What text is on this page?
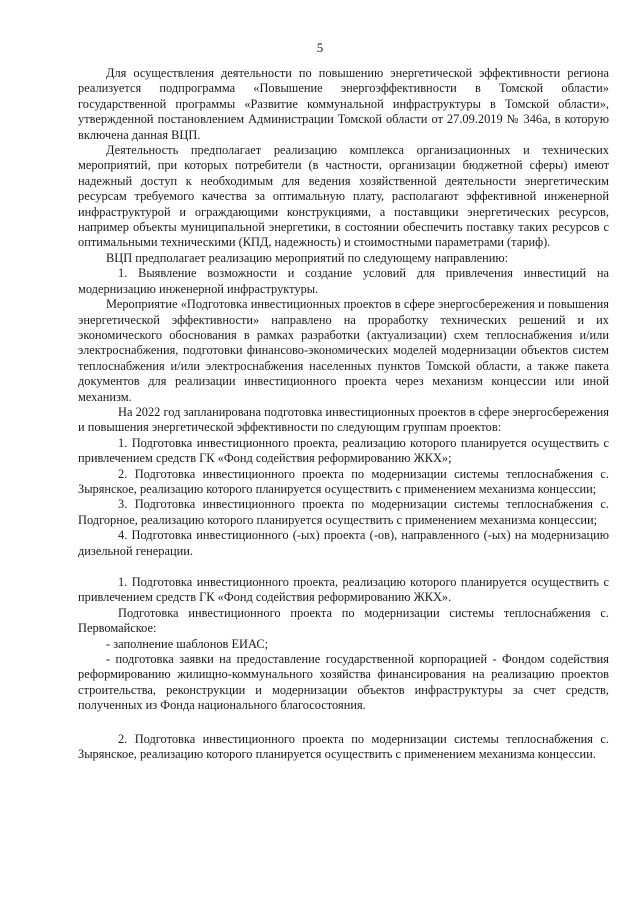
5

Для осуществления деятельности по повышению энергетической эффективности региона реализуется подпрограмма «Повышение энергоэффективности в Томской области» государственной программы «Развитие коммунальной инфраструктуры в Томской области», утвержденной постановлением Администрации Томской области от 27.09.2019 № 346а, в которую включена данная ВЦП.

Деятельность предполагает реализацию комплекса организационных и технических мероприятий, при которых потребители (в частности, организации бюджетной сферы) имеют надежный доступ к необходимым для ведения хозяйственной деятельности энергетическим ресурсам требуемого качества за оптимальную плату, располагают эффективной инженерной инфраструктурой и ограждающими конструкциями, а поставщики энергетических ресурсов, например объекты муниципальной энергетики, в состоянии обеспечить поставку таких ресурсов с оптимальными техническими (КПД, надежность) и стоимостными параметрами (тариф).

ВЦП предполагает реализацию мероприятий по следующему направлению:

1. Выявление возможности и создание условий для привлечения инвестиций на модернизацию инженерной инфраструктуры.

Мероприятие «Подготовка инвестиционных проектов в сфере энергосбережения и повышения энергетической эффективности» направлено на проработку технических решений и их экономического обоснования в рамках разработки (актуализации) схем теплоснабжения и/или электроснабжения, подготовки финансово-экономических моделей модернизации объектов систем теплоснабжения и/или электроснабжения населенных пунктов Томской области, а также пакета документов для реализации инвестиционного проекта через механизм концессии или иной механизм.

На 2022 год запланирована подготовка инвестиционных проектов в сфере энергосбережения и повышения энергетической эффективности по следующим группам проектов:

1. Подготовка инвестиционного проекта, реализацию которого планируется осуществить с привлечением средств ГК «Фонд содействия реформированию ЖКХ»;

2. Подготовка инвестиционного проекта по модернизации системы теплоснабжения с. Зырянское, реализацию которого планируется осуществить с применением механизма концессии;

3. Подготовка инвестиционного проекта по модернизации системы теплоснабжения с. Подгорное, реализацию которого планируется осуществить с применением механизма концессии;

4. Подготовка инвестиционного (-ых) проекта (-ов), направленного (-ых) на модернизацию дизельной генерации.

1. Подготовка инвестиционного проекта, реализацию которого планируется осуществить с привлечением средств ГК «Фонд содействия реформированию ЖКХ».

Подготовка инвестиционного проекта по модернизации системы теплоснабжения с. Первомайское:

- заполнение шаблонов ЕИАС;

- подготовка заявки на предоставление государственной корпорацией - Фондом содействия реформированию жилищно-коммунального хозяйства финансирования на реализацию проектов строительства, реконструкции и модернизации объектов инфраструктуры за счет средств, полученных из Фонда национального благосостояния.

2. Подготовка инвестиционного проекта по модернизации системы теплоснабжения с. Зырянское, реализацию которого планируется осуществить с применением механизма концессии.
